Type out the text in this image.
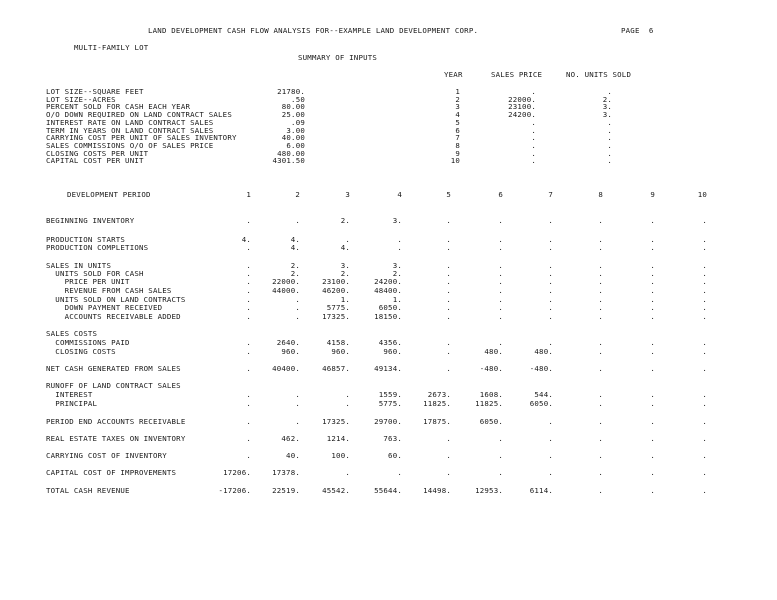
LAND DEVELOPMENT CASH FLOW ANALYSIS FOR--EXAMPLE LAND DEVELOPMENT CORP.	PAGE  6
MULTI-FAMILY LOT
SUMMARY OF INPUTS
LOT SIZE--SQUARE FEET	21780.
LOT SIZE--ACRES	.50
PERCENT SOLD FOR CASH EACH YEAR	80.00
O/O DOWN REQUIRED ON LAND CONTRACT SALES	25.00
INTEREST RATE ON LAND CONTRACT SALES	.09
TERM IN YEARS ON LAND CONTRACT SALES	3.00
CARRYING COST PER UNIT OF SALES INVENTORY	40.00
SALES COMMISSIONS O/O OF SALES PRICE	6.00
CLOSING COSTS PER UNIT	480.00
CAPITAL COST PER UNIT	4301.50
YEAR	SALES PRICE	NO. UNITS SOLD
1	.	.
2	22000.	2.
3	23100.	3.
4	24200.	3.
5	.	.
6	.	.
7	.	.
8	.	.
9	.	.
10	.	.
DEVELOPMENT PERIOD	1	2	3	4	5	6	7	8	9	10
BEGINNING INVENTORY	.	.	2.	3.	.	.	.	.	.	.
PRODUCTION STARTS	4.	4.	.	.	.	.	.	.	.	.
PRODUCTION COMPLETIONS	.	4.	4.	.	.	.	.	.	.	.
SALES IN UNITS	.	2.	3.	3.	.	.	.	.	.	.
UNITS SOLD FOR CASH	.	2.	2.	2.	.	.	.	.	.	.
PRICE PER UNIT	.	22000.	23100.	24200.	.	.	.	.	.	.
REVENUE FROM CASH SALES	.	44000.	46200.	48400.	.	.	.	.	.	.
UNITS SOLD ON LAND CONTRACTS	.	.	1.	1.	.	.	.	.	.	.
DOWN PAYMENT RECEIVED	.	.	5775.	6050.	.	.	.	.	.	.
ACCOUNTS RECEIVABLE ADDED	.	.	17325.	18150.	.	.	.	.	.	.
SALES COSTS
COMMISSIONS PAID	.	2640.	4158.	4356.	.	.	.	.	.	.
CLOSING COSTS	.	960.	960.	960.	.	480.	480.	.	.	.
NET CASH GENERATED FROM SALES	.	40400.	46857.	49134.	.	-480.	-480.	.	.	.
RUNOFF OF LAND CONTRACT SALES
INTEREST	.	.	.	1559.	2673.	1608.	544.	.	.	.
PRINCIPAL	.	.	.	5775.	11825.	11825.	6050.	.	.	.
PERIOD END ACCOUNTS RECEIVABLE	.	.	17325.	29700.	17875.	6050.	.	.	.	.
REAL ESTATE TAXES ON INVENTORY	.	462.	1214.	763.	.	.	.	.	.	.
CARRYING COST OF INVENTORY	.	40.	100.	60.	.	.	.	.	.	.
CAPITAL COST OF IMPROVEMENTS	17206.	17378.	.	.	.	.	.	.	.	.
TOTAL CASH REVENUE	-17206.	22519.	45542.	55644.	14498.	12953.	6114.	.	.	.
